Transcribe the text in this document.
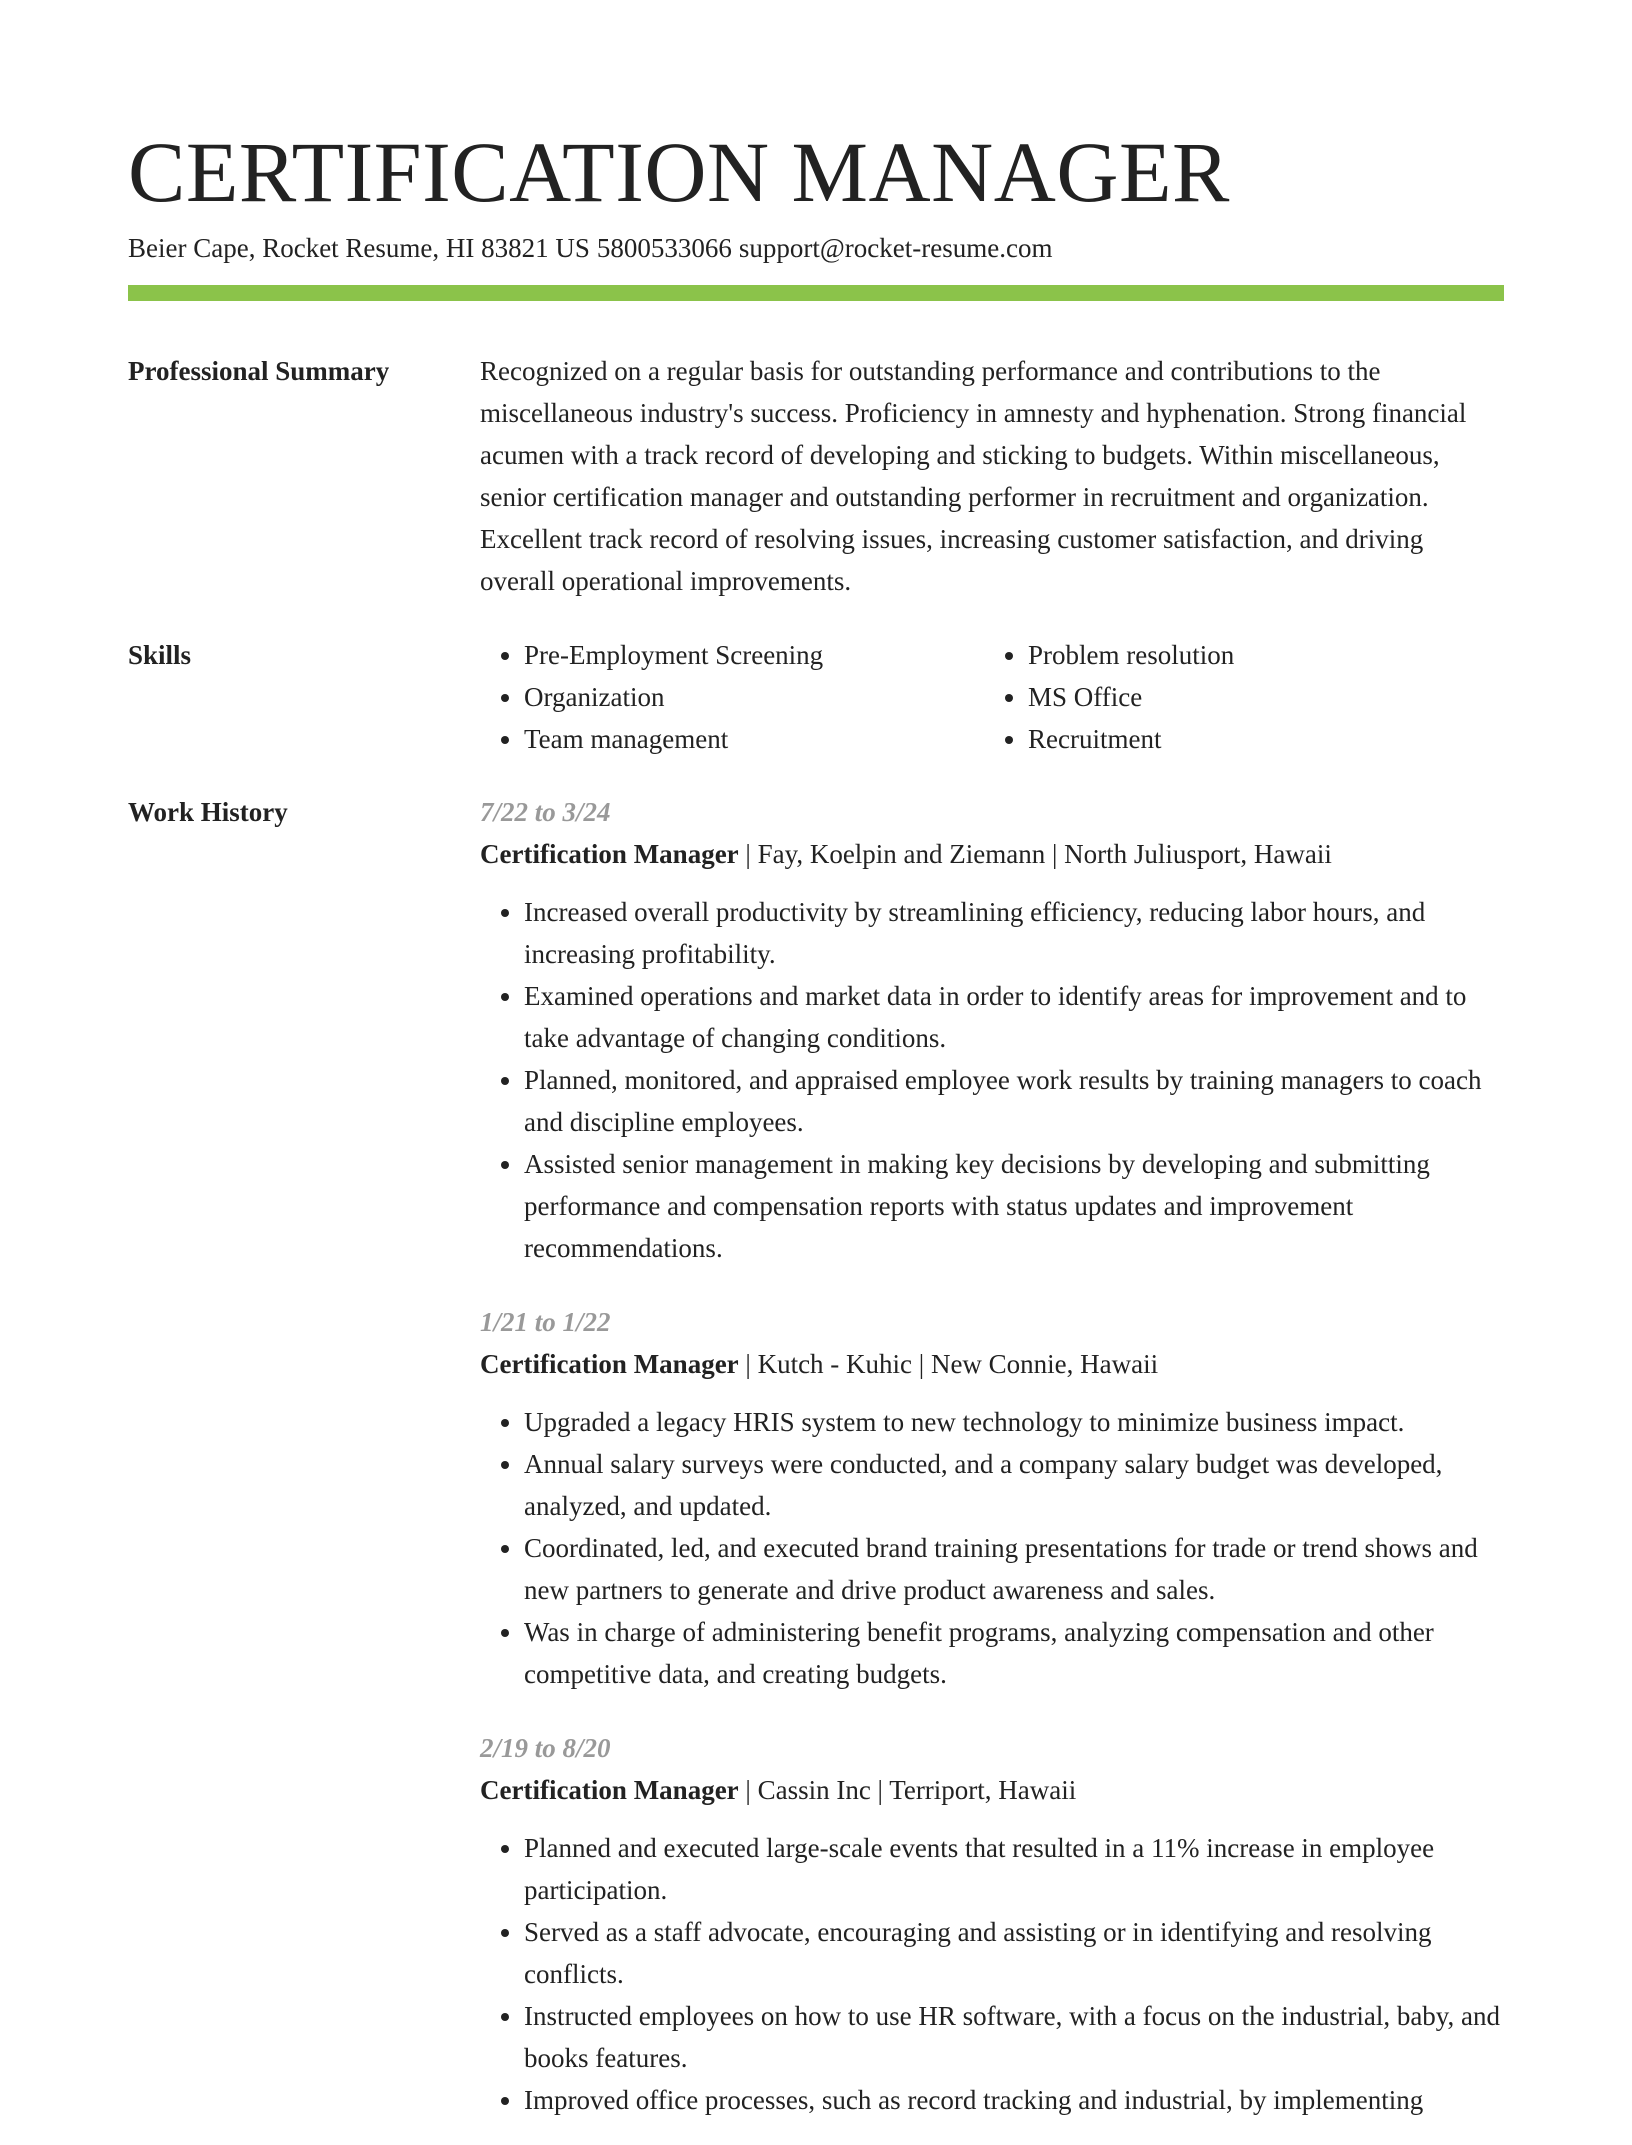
CERTIFICATION MANAGER
Beier Cape, Rocket Resume, HI 83821 US 5800533066 support@rocket-resume.com
Professional Summary	Recognized on a regular basis for outstanding performance and contributions to the miscellaneous industry's success. Proficiency in amnesty and hyphenation. Strong financial acumen with a track record of developing and sticking to budgets. Within miscellaneous, senior certification manager and outstanding performer in recruitment and organization. Excellent track record of resolving issues, increasing customer satisfaction, and driving overall operational improvements.

Skills
•	Pre-Employment Screening
• Organization
• Team management
• Problem resolution
• MS Office
• Recruitment
Work History	7/22 to 3/24
Certification Manager | Fay, Koelpin and Ziemann | North Juliusport, Hawaii
• Increased overall productivity by streamlining efficiency, reducing labor hours, and increasing profitability.
• Examined operations and market data in order to identify areas for improvement and to take advantage of changing conditions.
• Planned, monitored, and appraised employee work results by training managers to coach and discipline employees.
• Assisted senior management in making key decisions by developing and submitting performance and compensation reports with status updates and improvement recommendations.
1/21 to 1/22
Certification Manager | Kutch - Kuhic | New Connie, Hawaii
• Upgraded a legacy HRIS system to new technology to minimize business impact.
• Annual salary surveys were conducted, and a company salary budget was developed, analyzed, and updated.
• Coordinated, led, and executed brand training presentations for trade or trend shows and new partners to generate and drive product awareness and sales.
• Was in charge of administering benefit programs, analyzing compensation and other competitive data, and creating budgets.
2/19 to 8/20
Certification Manager | Cassin Inc | Terriport, Hawaii
• Planned and executed large-scale events that resulted in a 11% increase in employee participation.
• Served as a staff advocate, encouraging and assisting or in identifying and resolving conflicts.
• Instructed employees on how to use HR software, with a focus on the industrial, baby, and books features.
• Improved office processes, such as record tracking and industrial, by implementing
